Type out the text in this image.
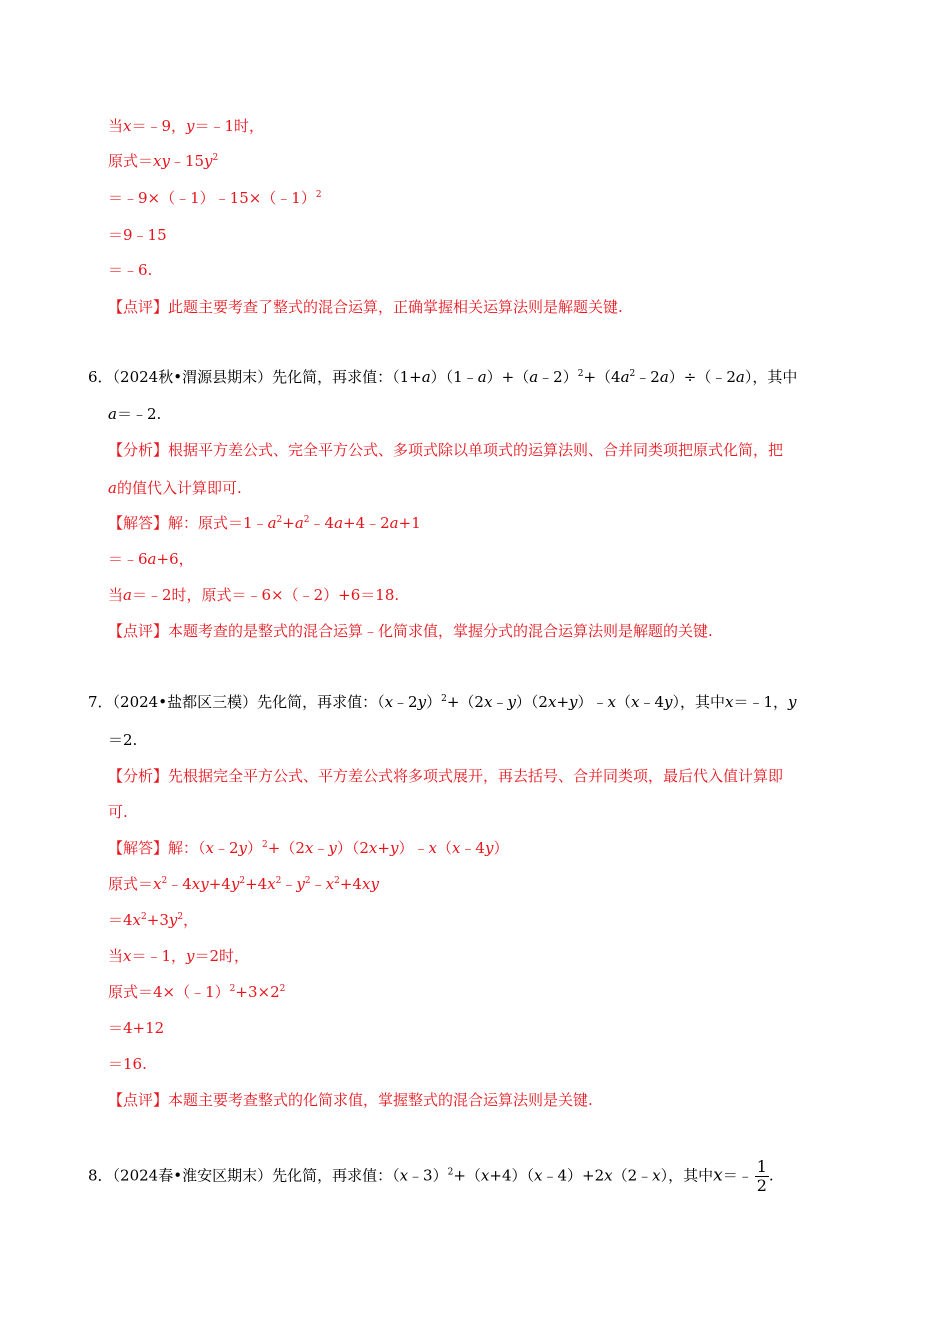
当x＝﹣9，y＝﹣1时，
原式$=xy﹣15y^2$
＝﹣9×（﹣1）﹣15×（﹣1）$^2$
＝9﹣15
＝﹣6.
【点评】此题主要考查了整式的混合运算，正确掌握相关运算法则是解题关键.
6．（2024秋•渭源县期末）先化简，再求值：$(1+a)(1﹣a)+(a﹣2)^2+(4a^2﹣2a)\div(﹣2a)$，其中
a＝﹣2.
【分析】根据平方差公式、完全平方公式、多项式除以单项式的运算法则、合并同类项把原式化简，把
a的值代入计算即可.
【解答】解：原式$=1﹣a^2+a^2﹣4a+4﹣2a+1$
＝﹣6a+6，
当a＝﹣2时，原式＝﹣6×（﹣2）+6＝18.
【点评】本题考查的是整式的混合运算﹣化简求值，掌握分式的混合运算法则是解题的关键.
7．（2024•盐都区三模）先化简，再求值：（x﹣2y）$^2$+（2x﹣y）（2x+y）﹣x（x﹣4y），其中x＝﹣1，y
＝2.
【分析】先根据完全平方公式、平方差公式将多项式展开，再去括号、合并同类项，最后代入值计算即
可.
【解答】解：（x﹣2y）$^2$+（2x﹣y）（2x+y）﹣x（x﹣4y）
原式$=x^2﹣4xy+4y^2+4x^2﹣y^2﹣x^2+4xy$
$=4x^2+3y^2$，
当x＝﹣1，y＝2时，
原式$=4\times(﹣1)^2+3\times 2^2$
＝4+12
＝16.
【点评】本题主要考查整式的化简求值，掌握整式的混合运算法则是关键.
8．（2024春•淮安区期末）先化简，再求值：（x﹣3）$^2$+（x+4）（x﹣4）+2x（2﹣x），其中x＝﹣ $\frac{1}{2}$ .
